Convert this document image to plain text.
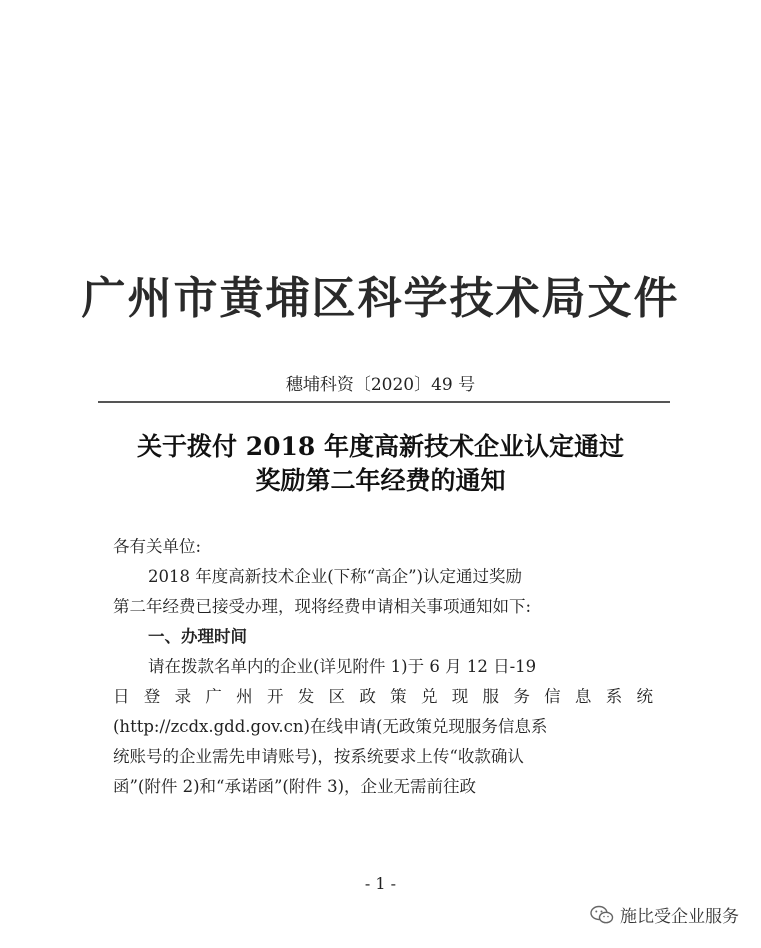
广州市黄埔区科学技术局文件
穗埔科资〔2020〕49 号
关于拨付 2018 年度高新技术企业认定通过
奖励第二年经费的通知
各有关单位:
2018 年度高新技术企业(下称“高企”)认定通过奖励
第二年经费已接受办理，现将经费申请相关事项通知如下:
一、办理时间
请在拨款名单内的企业(详见附件 1)于 6 月 12 日-19
日登录广州开发区政策兑现服务信息系统
(http://zcdx.gdd.gov.cn)在线申请(无政策兑现服务信息系
统账号的企业需先申请账号)，按系统要求上传“收款确认
函”(附件 2)和“承诺函”(附件 3)，企业无需前往政
- 1 -
施比受企业服务
